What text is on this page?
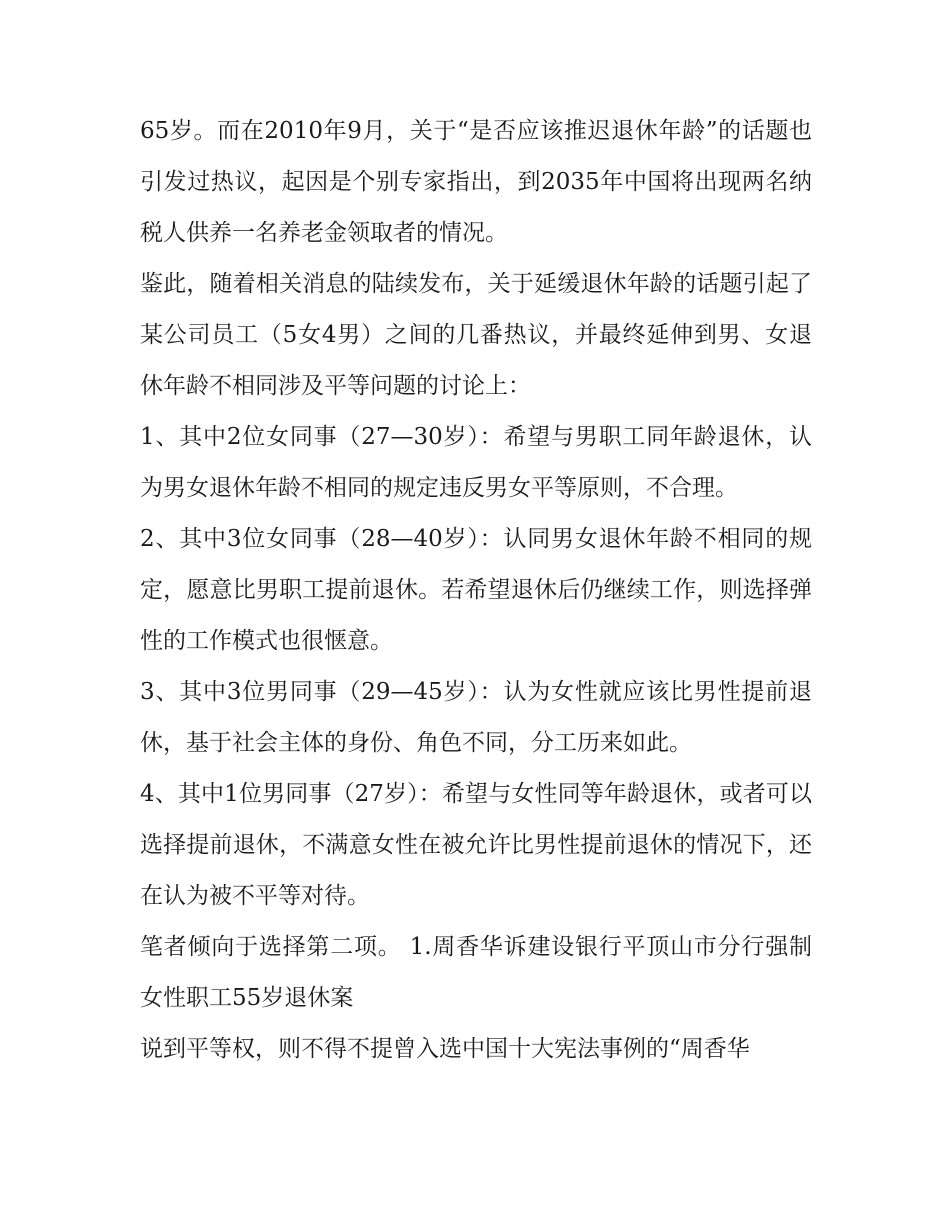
65岁。而在2010年9月，关于“是否应该推迟退休年龄”的话题也引发过热议，起因是个别专家指出，到2035年中国将出现两名纳税人供养一名养老金领取者的情况。

鉴此，随着相关消息的陆续发布，关于延缓退休年龄的话题引起了某公司员工（5女4男）之间的几番热议，并最终延伸到男、女退休年龄不相同涉及平等问题的讨论上：

1、其中2位女同事（27—30岁）：希望与男职工同年龄退休，认为男女退休年龄不相同的规定违反男女平等原则，不合理。

2、其中3位女同事（28—40岁）：认同男女退休年龄不相同的规定，愿意比男职工提前退休。若希望退休后仍继续工作，则选择弹性的工作模式也很惬意。

3、其中3位男同事（29—45岁）：认为女性就应该比男性提前退休，基于社会主体的身份、角色不同，分工历来如此。

4、其中1位男同事（27岁）：希望与女性同等年龄退休，或者可以选择提前退休，不满意女性在被允许比男性提前退休的情况下，还在认为被不平等对待。

笔者倾向于选择第二项。 1.周香华诉建设银行平顶山市分行强制女性职工55岁退休案

说到平等权，则不得不提曾入选中国十大宪法事例的“周香华
